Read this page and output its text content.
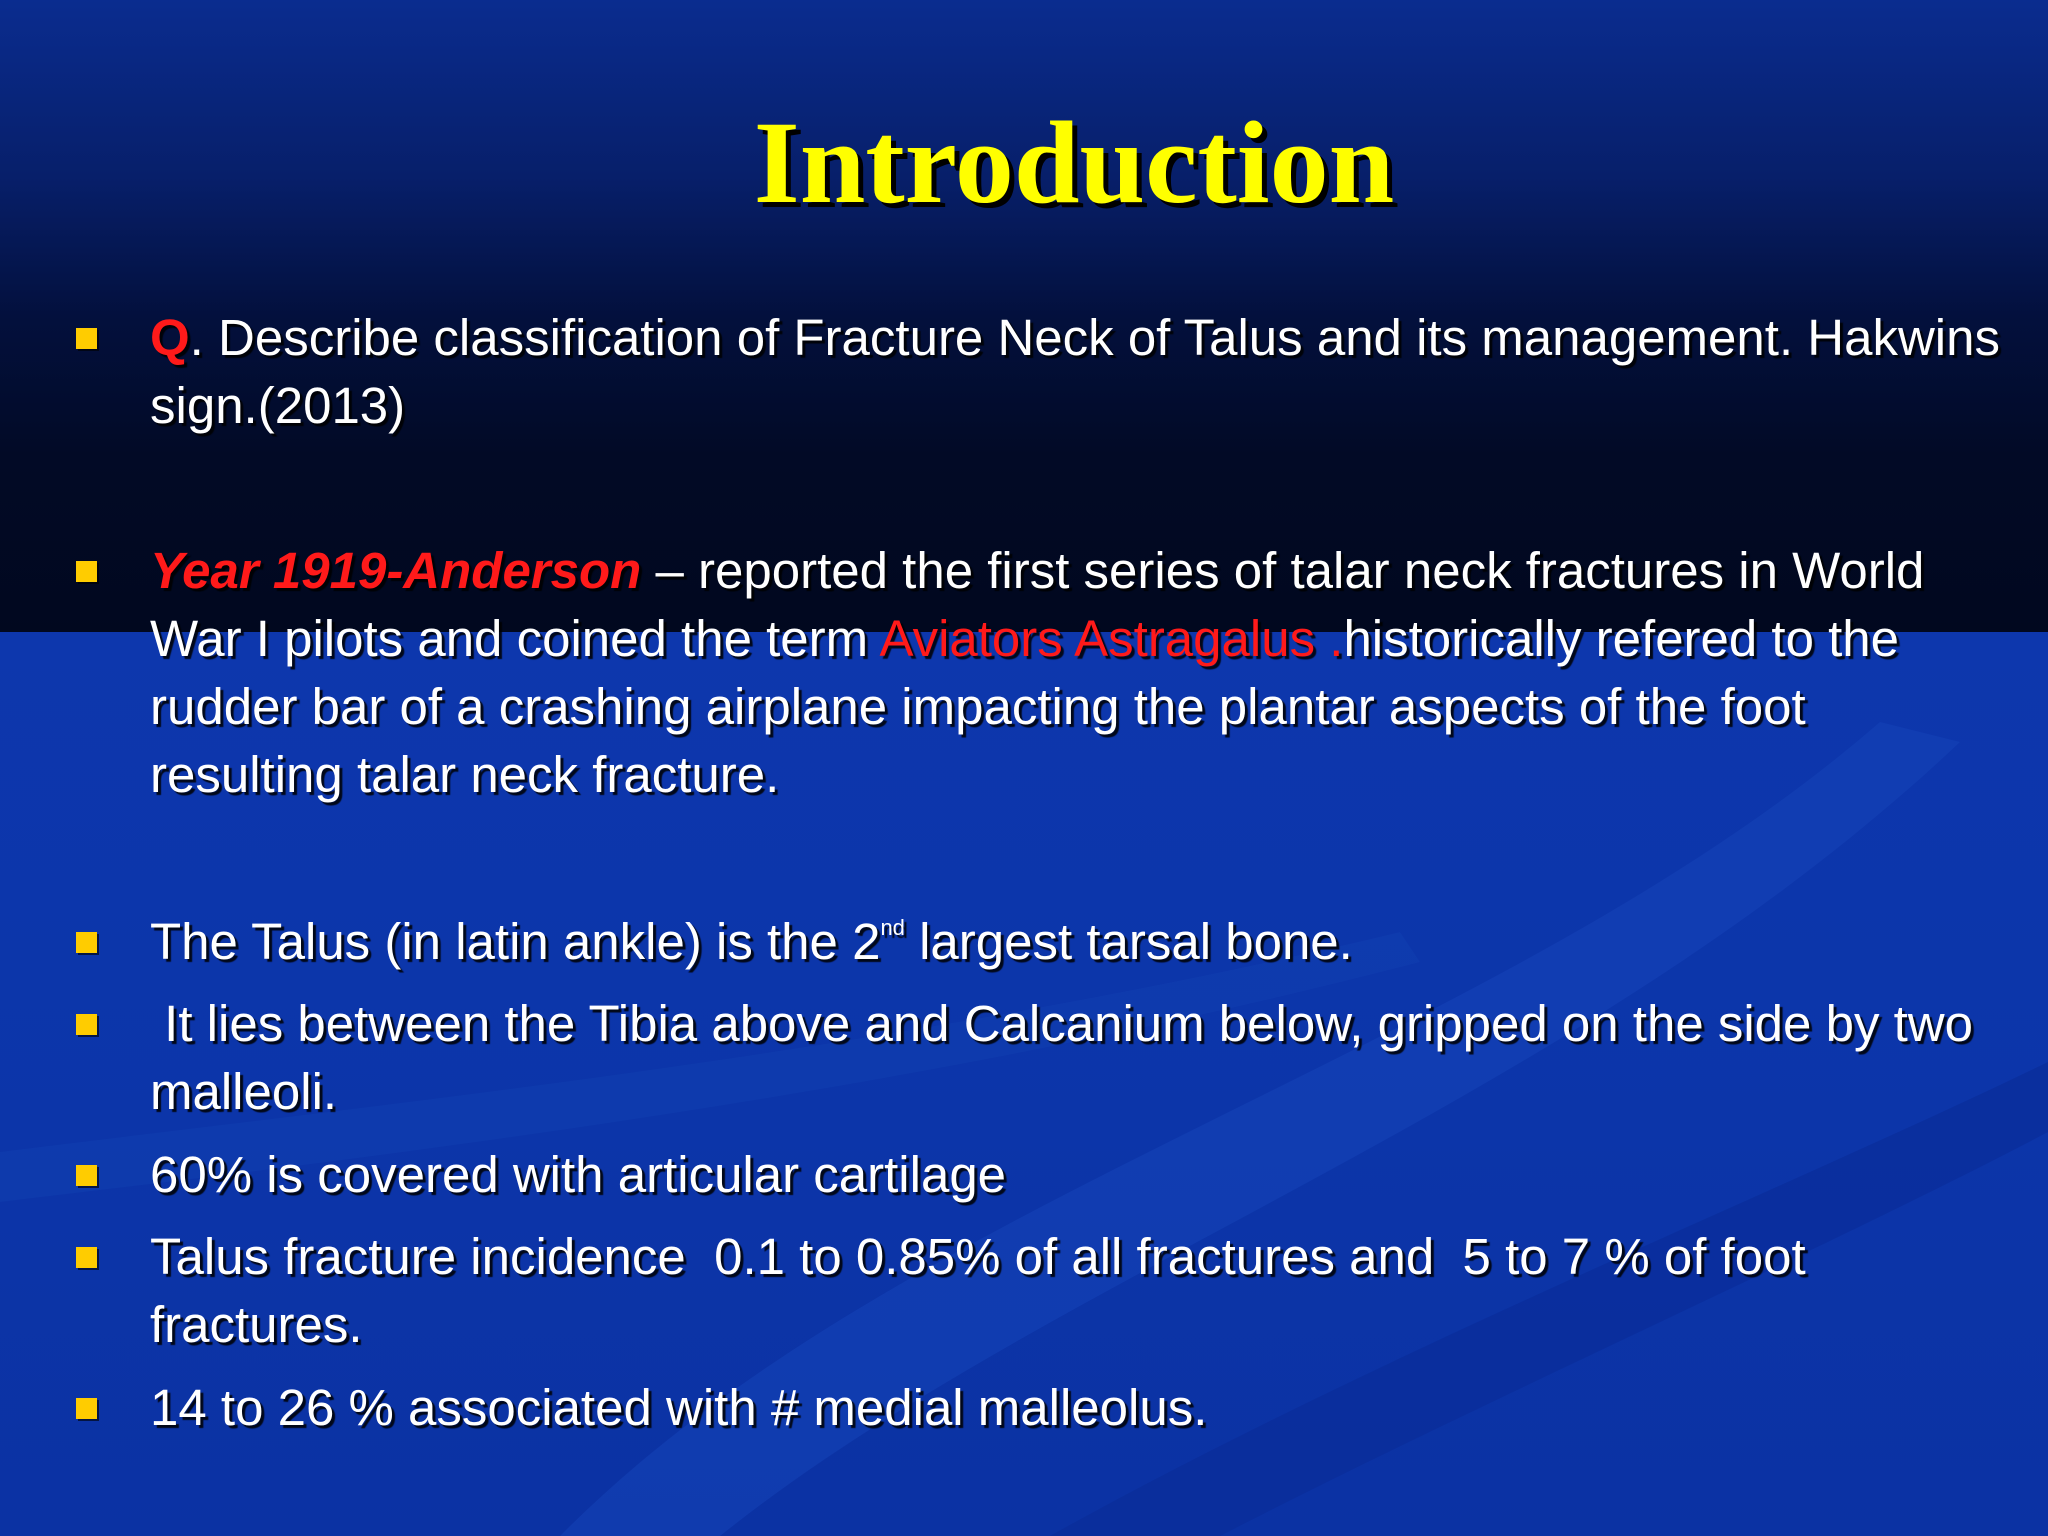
Introduction
Q. Describe classification of Fracture Neck of Talus and its management. Hakwins sign.(2013)
Year 1919-Anderson – reported the first series of talar neck fractures in World War I pilots and coined the term Aviators Astragalus .historically refered to the rudder bar of a crashing airplane impacting the plantar aspects of the foot resulting talar neck fracture.
The Talus (in latin ankle) is the 2nd largest tarsal bone.
It lies between the Tibia above and Calcanium below, gripped on the side by two malleoli.
60% is covered with articular cartilage
Talus fracture incidence  0.1 to 0.85% of all fractures and  5 to 7 % of foot fractures.
14 to 26 % associated with # medial malleolus.
